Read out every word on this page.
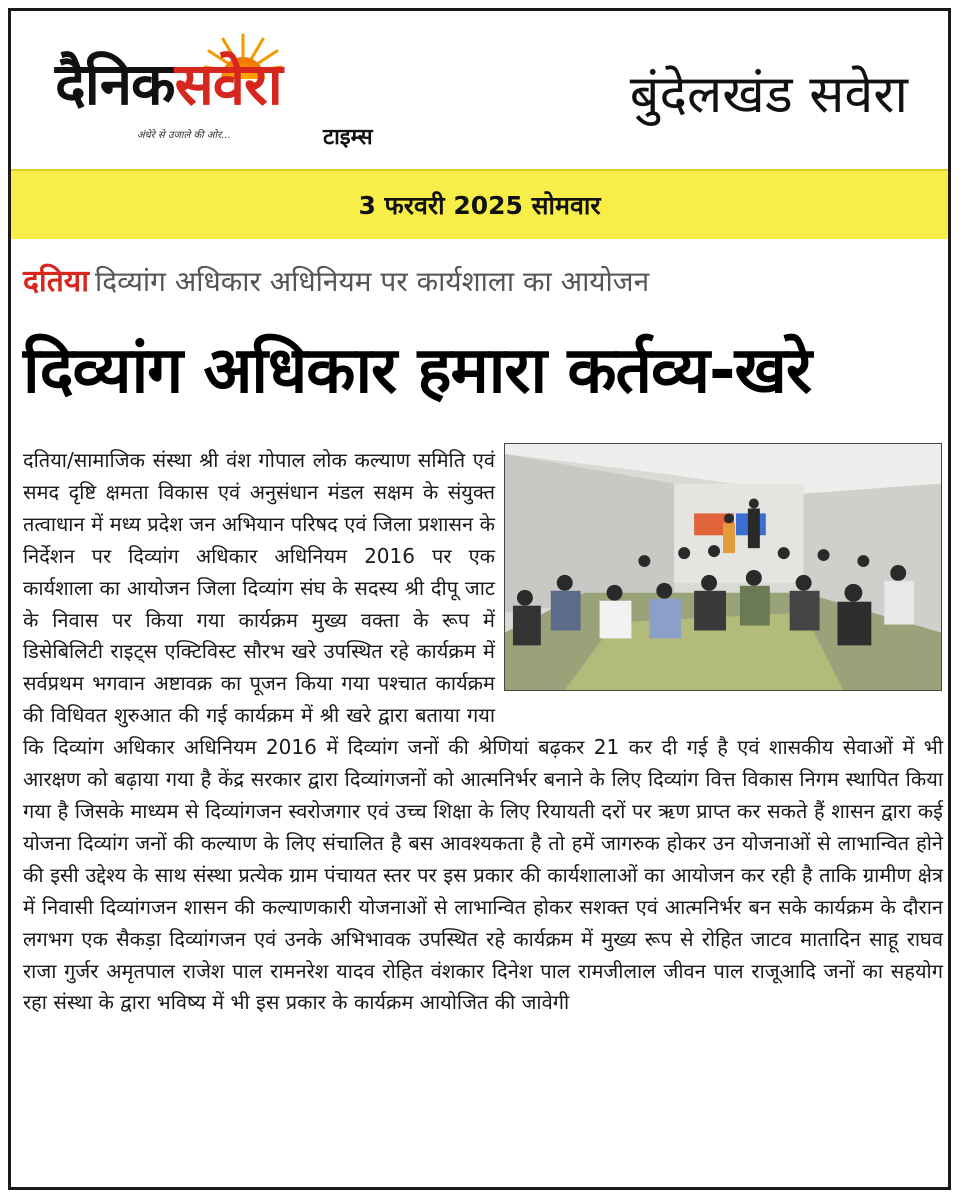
दैनिकसवेरा
अंधेरे से उजाले की ओर...	टाइम्स
बुंदेलखंड सवेरा
3 फरवरी 2025 सोमवार
दतिया दिव्यांग अधिकार अधिनियम पर कार्यशाला का आयोजन
दिव्यांग अधिकार हमारा कर्तव्य-खरे

दतिया/सामाजिक संस्था श्री वंश गोपाल लोक कल्याण समिति एवं समद दृष्टि क्षमता विकास एवं अनुसंधान मंडल सक्षम के संयुक्त तत्वाधान में मध्य प्रदेश जन अभियान परिषद एवं जिला प्रशासन के निर्देशन पर दिव्यांग अधिकार अधिनियम 2016 पर एक कार्यशाला का आयोजन जिला दिव्यांग संघ के सदस्य श्री दीपू जाट के निवास पर किया गया कार्यक्रम मुख्य वक्ता के रूप में डिसेबिलिटी राइट्स एक्टिविस्ट सौरभ खरे उपस्थित रहे कार्यक्रम में सर्वप्रथम भगवान अष्टावक्र का पूजन किया गया पश्चात कार्यक्रम की विधिवत शुरुआत की गई कार्यक्रम में श्री खरे द्वारा बताया गया कि दिव्यांग अधिकार अधिनियम 2016 में दिव्यांग जनों की श्रेणियां बढ़कर 21 कर दी गई है एवं शासकीय सेवाओं में भी आरक्षण को बढ़ाया गया है केंद्र सरकार द्वारा दिव्यांगजनों को आत्मनिर्भर बनाने के लिए दिव्यांग वित्त विकास निगम स्थापित किया गया है जिसके माध्यम से दिव्यांगजन स्वरोजगार एवं उच्च शिक्षा के लिए रियायती दरों पर ऋण प्राप्त कर सकते हैं शासन द्वारा कई योजना दिव्यांग जनों की कल्याण के लिए संचालित है बस आवश्यकता है तो हमें जागरुक होकर उन योजनाओं से लाभान्वित होने की इसी उद्देश्य के साथ संस्था प्रत्येक ग्राम पंचायत स्तर पर इस प्रकार की कार्यशालाओं का आयोजन कर रही है ताकि ग्रामीण क्षेत्र में निवासी दिव्यांगजन शासन की कल्याणकारी योजनाओं से लाभान्वित होकर सशक्त एवं आत्मनिर्भर बन सके कार्यक्रम के दौरान लगभग एक सैकड़ा दिव्यांगजन एवं उनके अभिभावक उपस्थित रहे कार्यक्रम में मुख्य रूप से रोहित जाटव मातादिन साहू राघव राजा गुर्जर अमृतपाल राजेश पाल रामनरेश यादव रोहित वंशकार दिनेश पाल रामजीलाल जीवन पाल राजूआदि जनों का सहयोग रहा संस्था के द्वारा भविष्य में भी इस प्रकार के कार्यक्रम आयोजित की जावेगी
